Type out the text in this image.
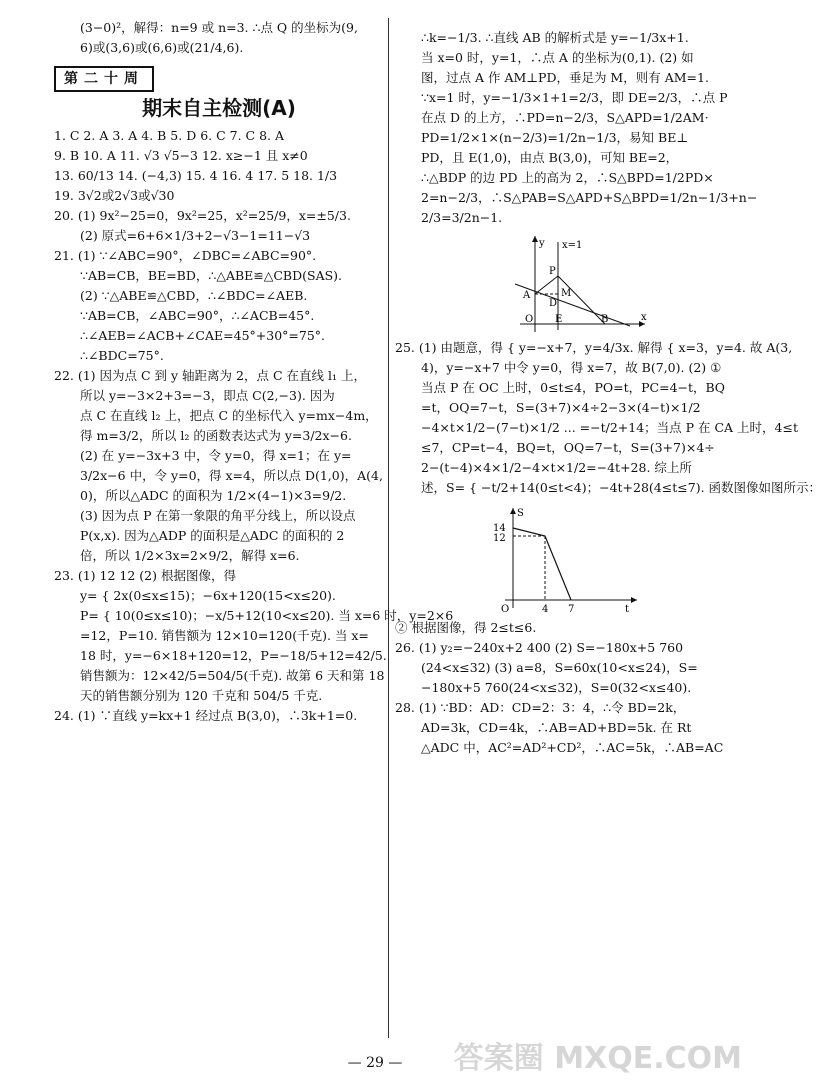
(3−0)²，解得：n=9 或 n=3. ∴点 Q 的坐标为(9,
6)或(3,6)或(6,6)或(21/4,6).
第二十周
期末自主检测(A)
1. C 2. A 3. A 4. B 5. D 6. C 7. C 8. A
9. B 10. A 11. √3 √5−3 12. x≥−1 且 x≠0
13. 60/13 14. (−4,3) 15. 4 16. 4 17. 5 18. 1/3
19. 3√2或2√3或√30
20. (1) 9x²−25=0，9x²=25，x²=25/9，x=±5/3.
(2) 原式=6+6×1/3+2−√3−1=11−√3
21. (1) ∵∠ABC=90°，∠DBC=∠ABC=90°.
∵AB=CB，BE=BD，∴△ABE≌△CBD(SAS).
(2) ∵△ABE≌△CBD，∴∠BDC=∠AEB.
∵AB=CB，∠ABC=90°，∴∠ACB=45°.
∴∠AEB=∠ACB+∠CAE=45°+30°=75°.
∴∠BDC=75°.
22. (1) 因为点 C 到 y 轴距离为 2，点 C 在直线 l₁ 上，
所以 y=−3×2+3=−3，即点 C(2,−3). 因为
点 C 在直线 l₂ 上，把点 C 的坐标代入 y=mx−4m，
得 m=3/2，所以 l₂ 的函数表达式为 y=3/2x−6.
(2) 在 y=−3x+3 中，令 y=0，得 x=1；在 y=
3/2x−6 中，令 y=0，得 x=4，所以点 D(1,0)，A(4,
0)，所以△ADC 的面积为 1/2×(4−1)×3=9/2.
(3) 因为点 P 在第一象限的角平分线上，所以设点
P(x,x). 因为△ADP 的面积是△ADC 的面积的 2
倍，所以 1/2×3x=2×9/2，解得 x=6.
23. (1) 12 12 (2) 根据图像，得
y= { 2x(0≤x≤15)；−6x+120(15<x≤20).
P= { 10(0≤x≤10)；−x/5+12(10<x≤20). 当 x=6 时，y=2×6
=12，P=10. 销售额为 12×10=120(千克). 当 x=
18 时，y=−6×18+120=12，P=−18/5+12=42/5.
销售额为：12×42/5=504/5(千克). 故第 6 天和第 18
天的销售额分别为 120 千克和 504/5 千克.
24. (1) ∵直线 y=kx+1 经过点 B(3,0)，∴3k+1=0.
∴k=−1/3. ∴直线 AB 的解析式是 y=−1/3x+1.
当 x=0 时，y=1，∴点 A 的坐标为(0,1). (2) 如
图，过点 A 作 AM⊥PD，垂足为 M，则有 AM=1.
∵x=1 时，y=−1/3×1+1=2/3，即 DE=2/3，∴点 P
在点 D 的上方，∴PD=n−2/3，S△APD=1/2AM·
PD=1/2×1×(n−2/3)=1/2n−1/3，易知 BE⊥
PD，且 E(1,0)，由点 B(3,0)，可知 BE=2，
∴△BDP 的边 PD 上的高为 2，∴S△BPD=1/2PD×
2=n−2/3，∴S△PAB=S△APD+S△BPD=1/2n−1/3+n−
2/3=3/2n−1.
y x=1
P
A	M
D
O E	B	x
25. (1) 由题意，得 { y=−x+7，y=4/3x. 解得 { x=3，y=4. 故 A(3,
4)，y=−x+7 中令 y=0，得 x=7，故 B(7,0). (2) ①
当点 P 在 OC 上时，0≤t≤4，PO=t，PC=4−t，BQ
=t，OQ=7−t，S=(3+7)×4÷2−3×(4−t)×1/2
−4×t×1/2−(7−t)×1/2 ... =−t/2+14；当点 P 在 CA 上时，4≤t
≤7，CP=t−4，BQ=t，OQ=7−t，S=(3+7)×4÷
2−(t−4)×4×1/2−4×t×1/2=−4t+28. 综上所
述，S= { −t/2+14(0≤t<4)；−4t+28(4≤t≤7). 函数图像如图所示：
S
14
12
O	4 7	t
② 根据图像，得 2≤t≤6.
26. (1) y₂=−240x+2 400 (2) S=−180x+5 760
(24<x≤32) (3) a=8，S=60x(10<x≤24)，S=
−180x+5 760(24<x≤32)，S=0(32<x≤40).
28. (1) ∵BD：AD：CD=2：3：4，∴令 BD=2k，
AD=3k，CD=4k，∴AB=AD+BD=5k. 在 Rt
△ADC 中，AC²=AD²+CD²，∴AC=5k，∴AB=AC
— 29 —	答案圈 MXQE.COM
